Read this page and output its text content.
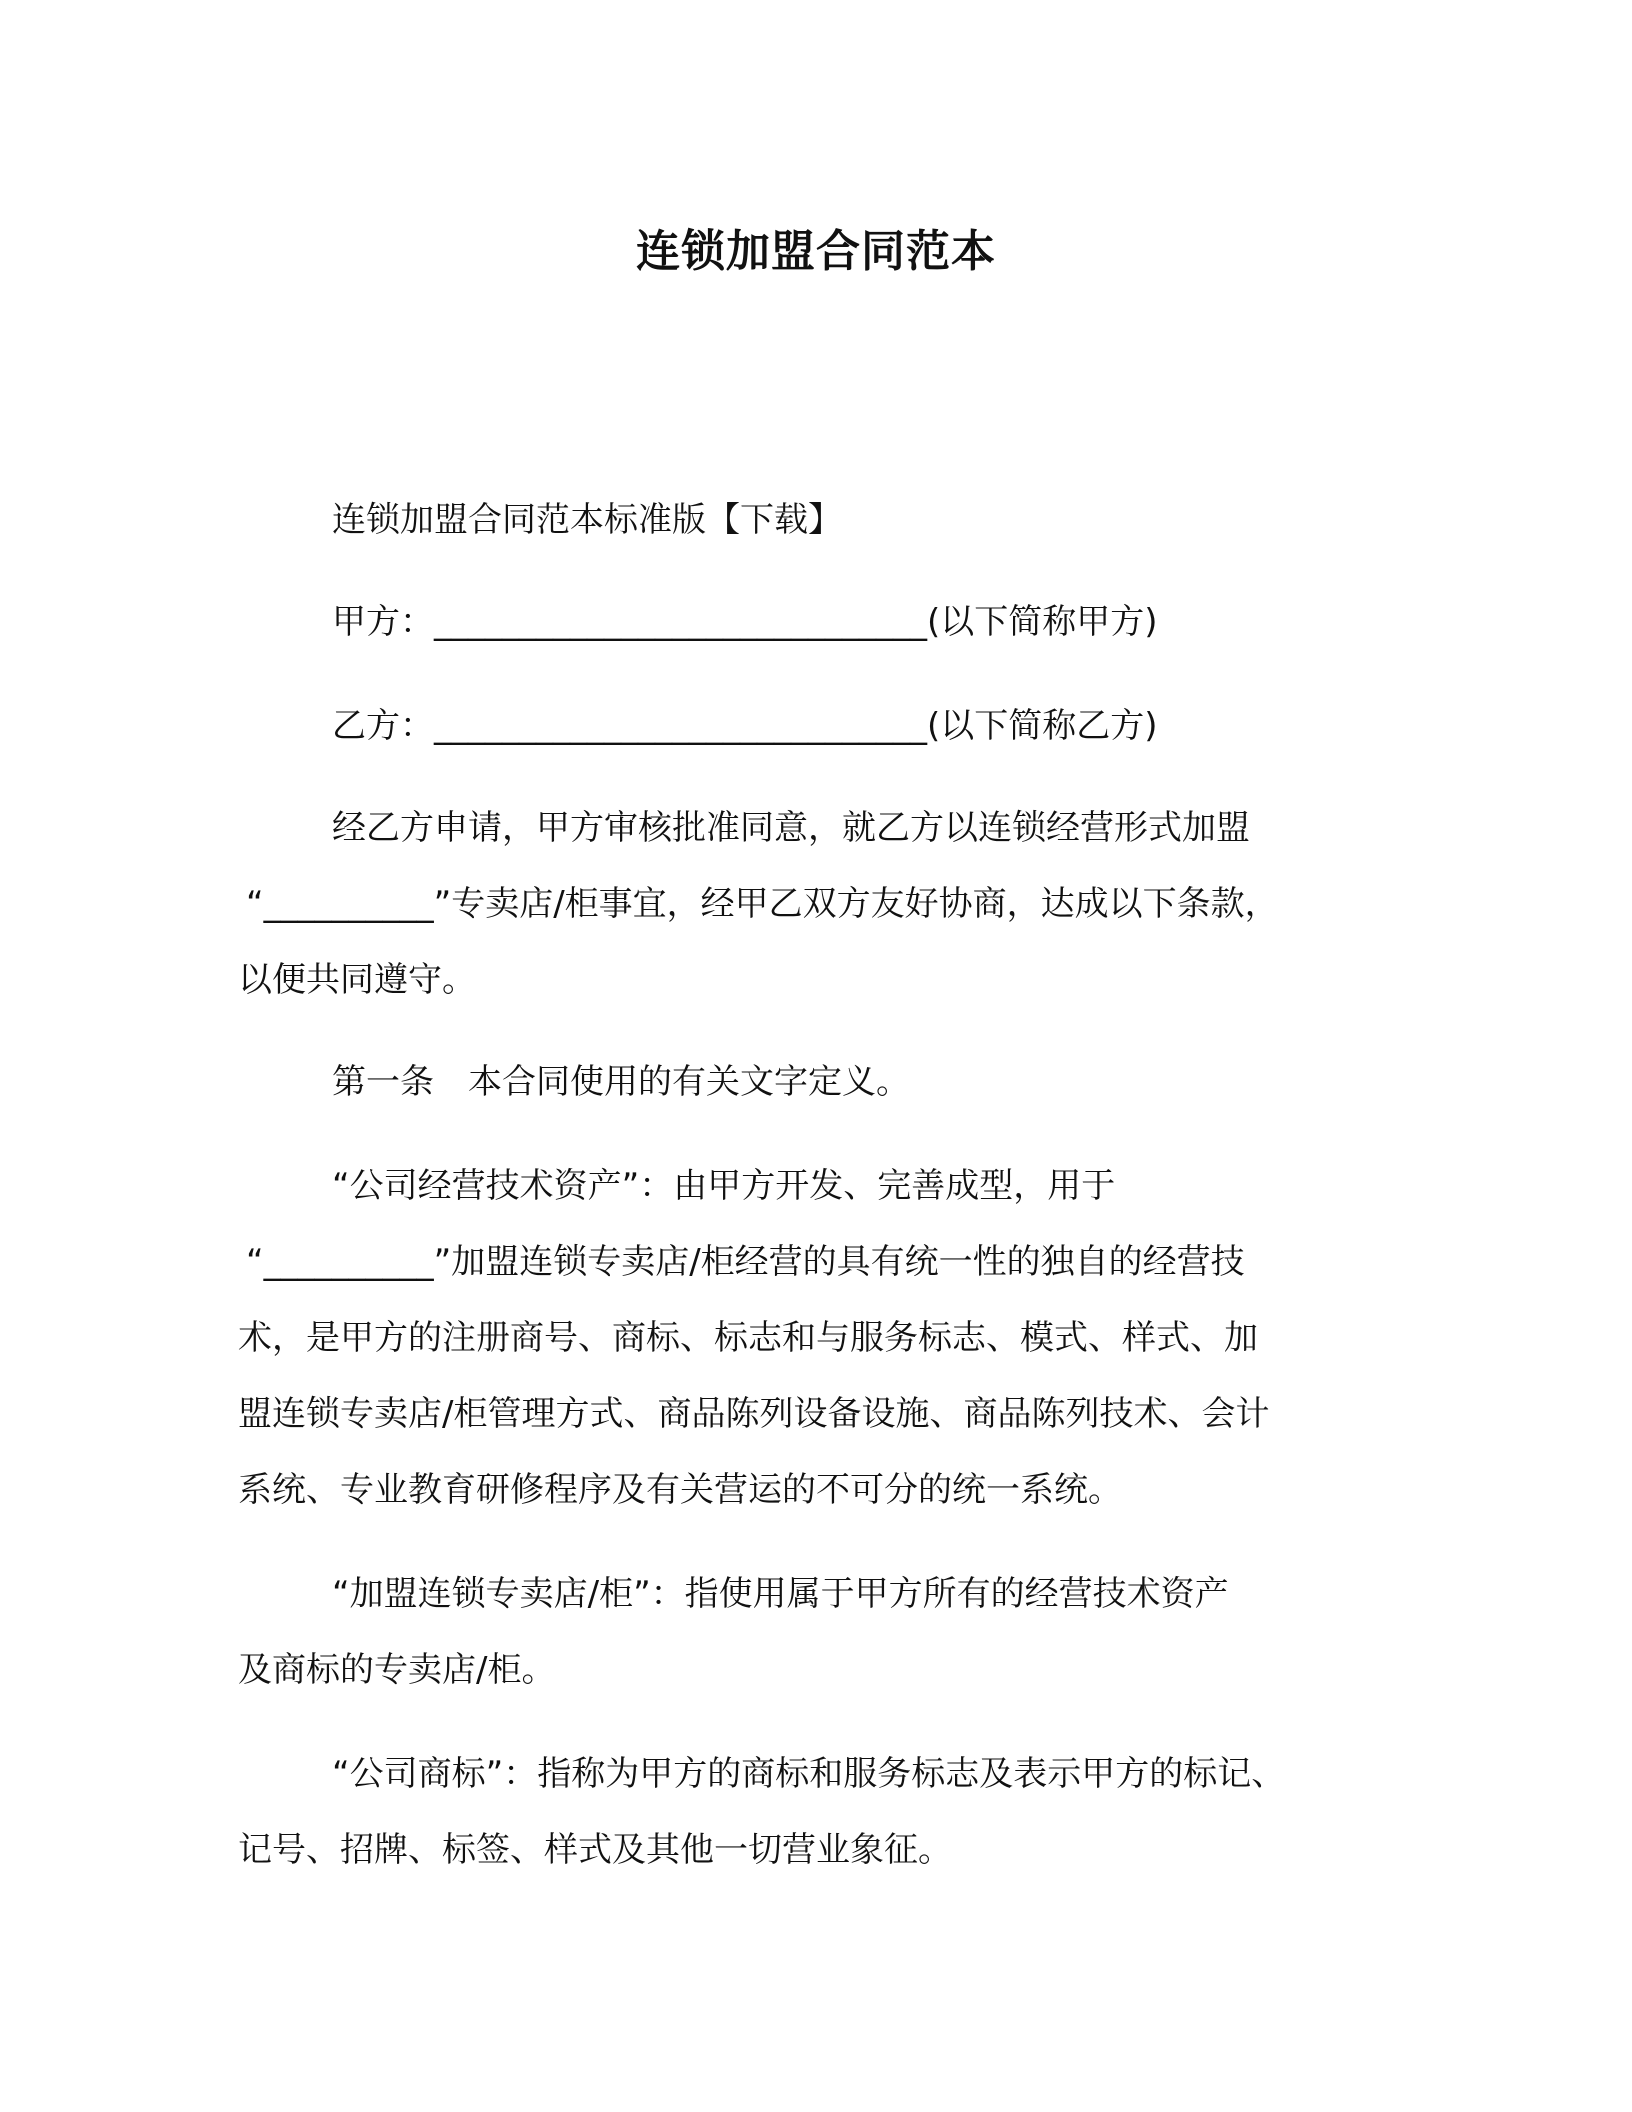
连锁加盟合同范本
连锁加盟合同范本标准版【下载】
甲方：_____________________________(以下简称甲方)
乙方：_____________________________(以下简称乙方)
经乙方申请，甲方审核批准同意，就乙方以连锁经营形式加盟
“__________”专卖店/柜事宜，经甲乙双方友好协商，达成以下条款，
以便共同遵守。
第一条　本合同使用的有关文字定义。
“公司经营技术资产”：由甲方开发、完善成型，用于
“__________”加盟连锁专卖店/柜经营的具有统一性的独自的经营技
术，是甲方的注册商号、商标、标志和与服务标志、模式、样式、加
盟连锁专卖店/柜管理方式、商品陈列设备设施、商品陈列技术、会计
系统、专业教育研修程序及有关营运的不可分的统一系统。
“加盟连锁专卖店/柜”：指使用属于甲方所有的经营技术资产
及商标的专卖店/柜。
“公司商标”：指称为甲方的商标和服务标志及表示甲方的标记、
记号、招牌、标签、样式及其他一切营业象征。
